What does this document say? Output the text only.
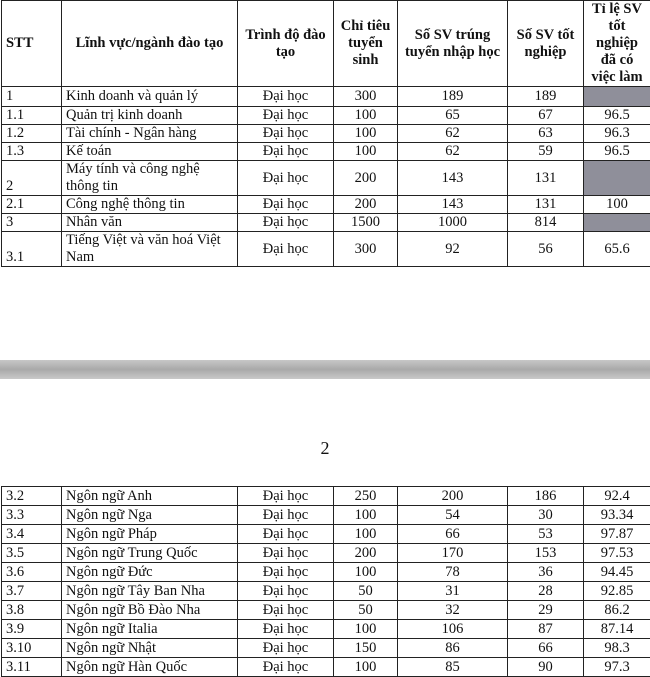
STT	Lĩnh vực/ngành đào tạo	Trình độ đào tạo	Chỉ tiêu tuyển sinh	Số SV trúng tuyển nhập học	Số SV tốt nghiệp	Tỉ lệ SV tốt nghiệp đã có việc làm
1	Kinh doanh và quản lý	Đại học	300	189	189	
1.1	Quản trị kinh doanh	Đại học	100	65	67	96.5
1.2	Tài chính - Ngân hàng	Đại học	100	62	63	96.3
1.3	Kế toán	Đại học	100	62	59	96.5
2	Máy tính và công nghệ thông tin	Đại học	200	143	131	
2.1	Công nghệ thông tin	Đại học	200	143	131	100
3	Nhân văn	Đại học	1500	1000	814	
3.1	Tiếng Việt và văn hoá Việt Nam	Đại học	300	92	56	65.6
2
3.2	Ngôn ngữ Anh	Đại học	250	200	186	92.4
3.3	Ngôn ngữ Nga	Đại học	100	54	30	93.34
3.4	Ngôn ngữ Pháp	Đại học	100	66	53	97.87
3.5	Ngôn ngữ Trung Quốc	Đại học	200	170	153	97.53
3.6	Ngôn ngữ Đức	Đại học	100	78	36	94.45
3.7	Ngôn ngữ Tây Ban Nha	Đại học	50	31	28	92.85
3.8	Ngôn ngữ Bồ Đào Nha	Đại học	50	32	29	86.2
3.9	Ngôn ngữ Italia	Đại học	100	106	87	87.14
3.10	Ngôn ngữ Nhật	Đại học	150	86	66	98.3
3.11	Ngôn ngữ Hàn Quốc	Đại học	100	85	90	97.3
